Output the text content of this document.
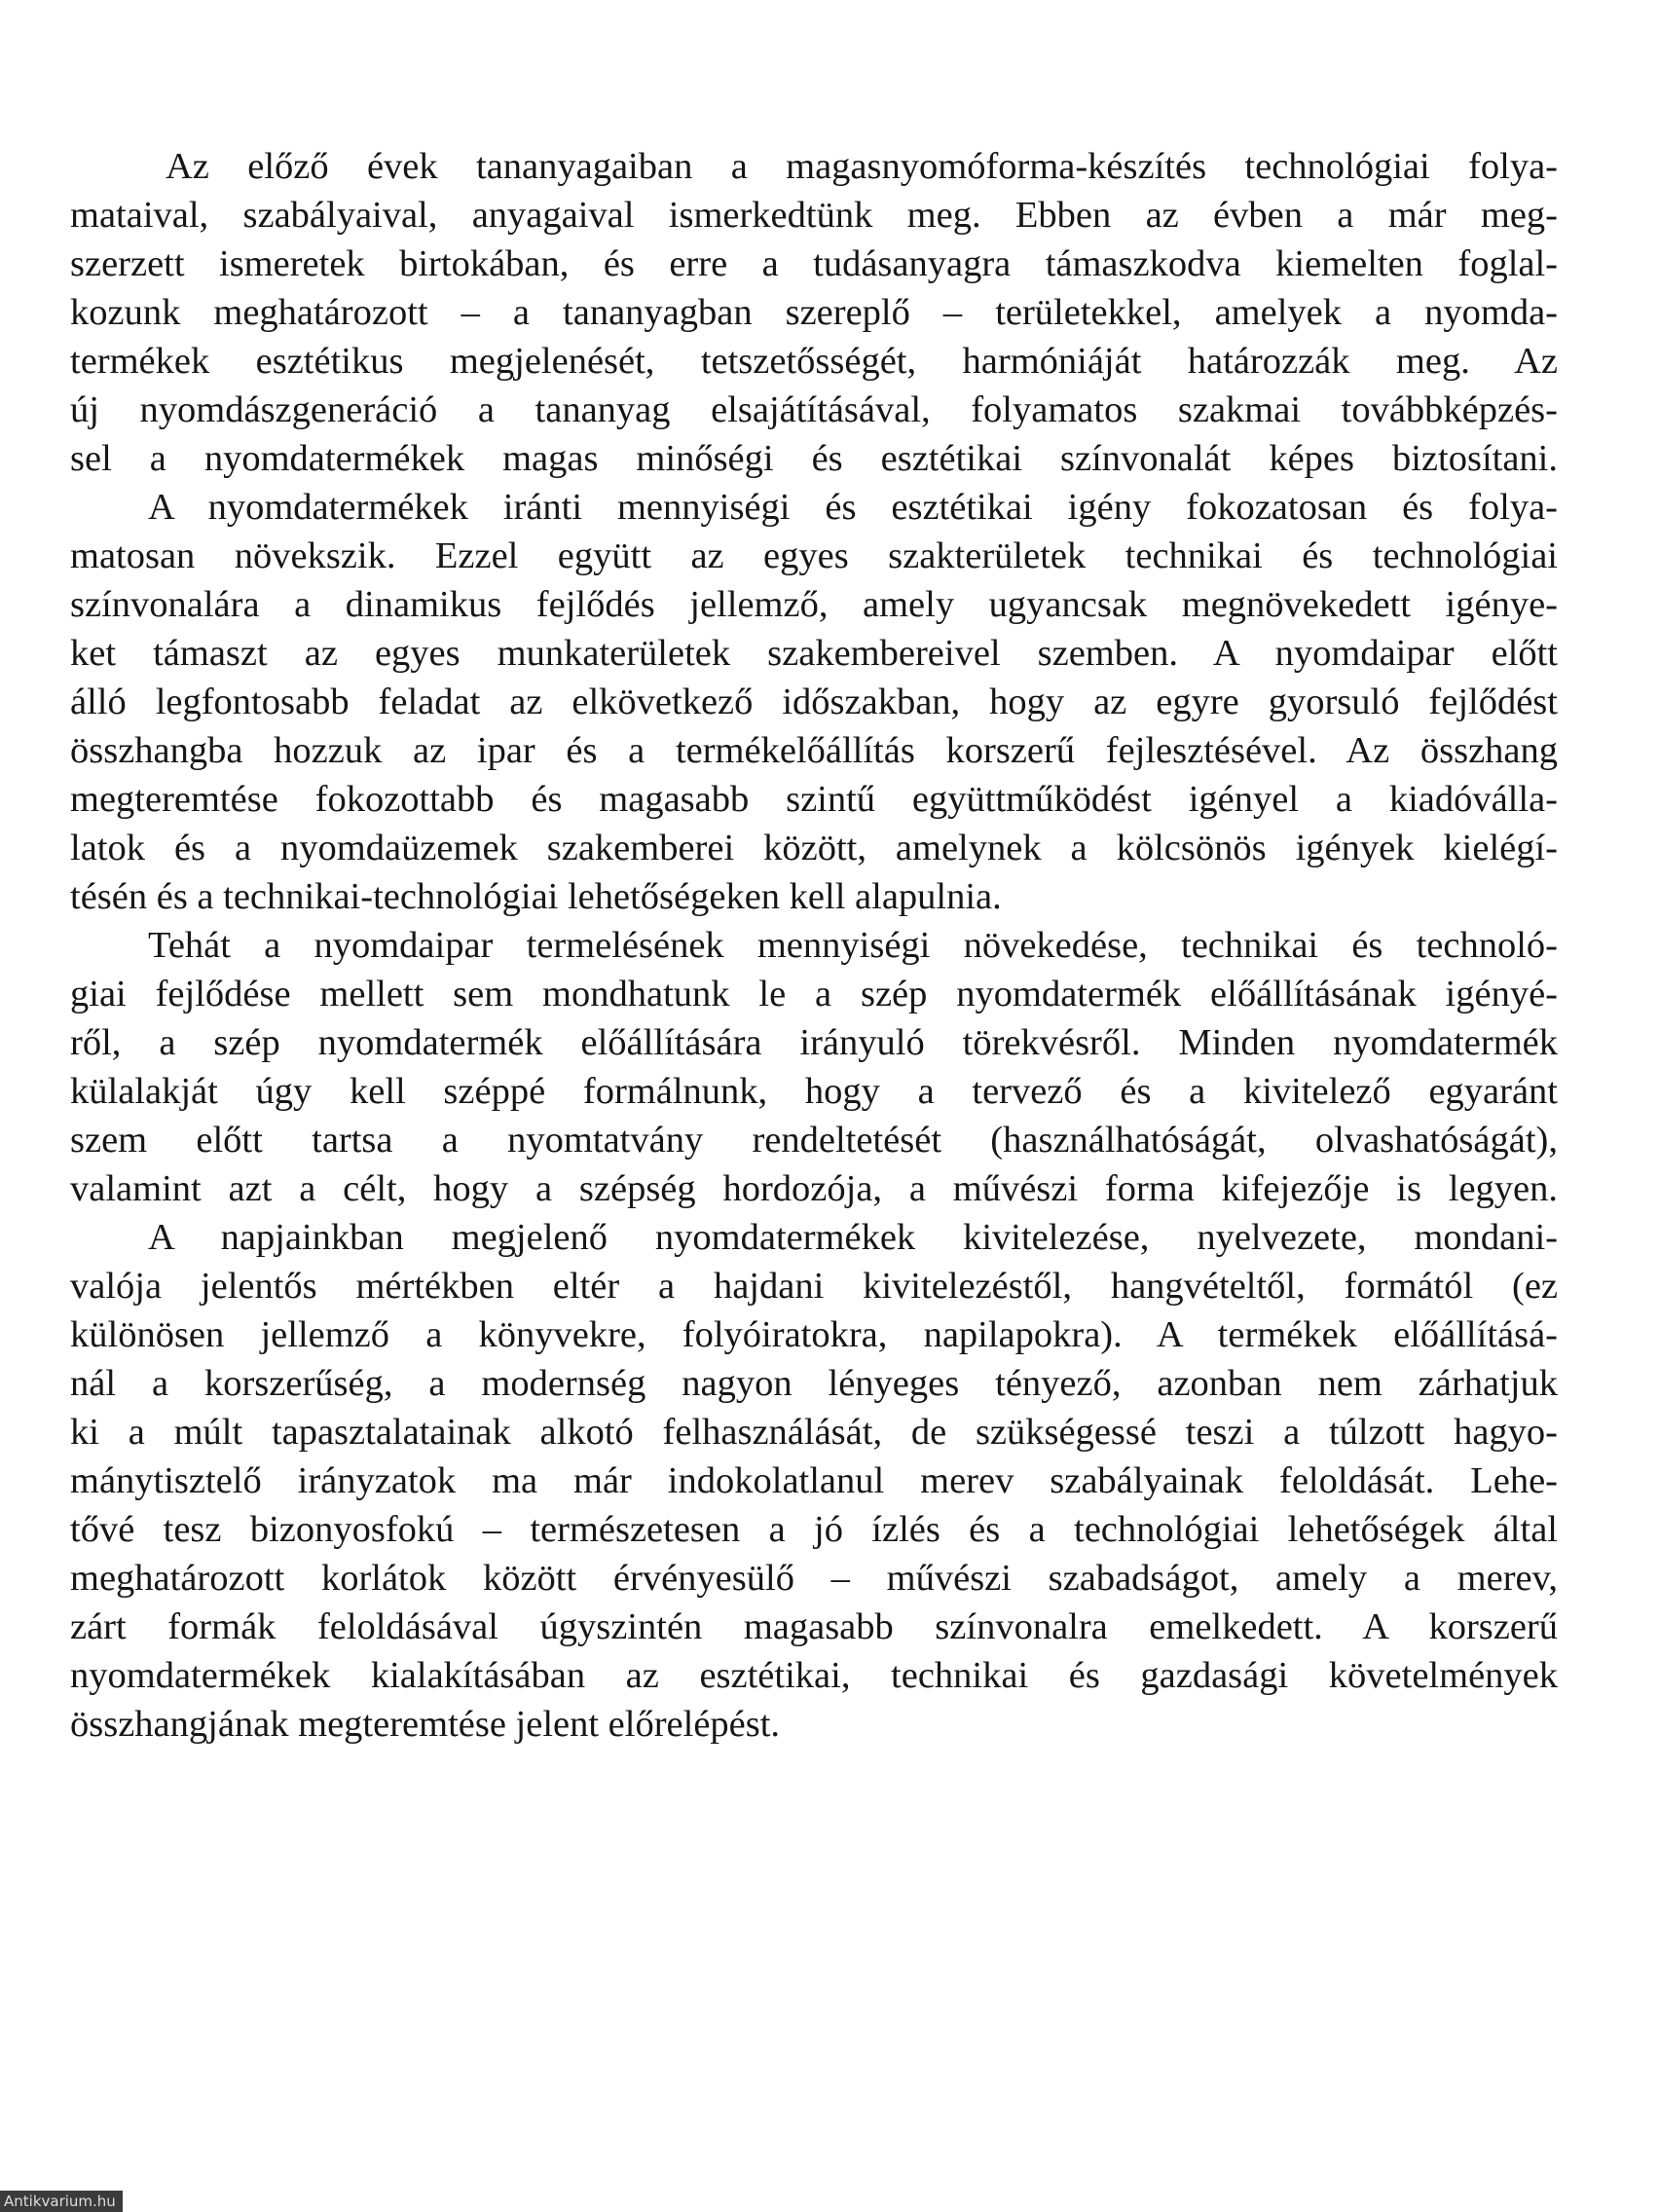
Az előző évek tananyagaiban a magasnyomóforma-készítés technológiai folya-
mataival, szabályaival, anyagaival ismerkedtünk meg. Ebben az évben a már meg-
szerzett ismeretek birtokában, és erre a tudásanyagra támaszkodva kiemelten foglal-
kozunk meghatározott – a tananyagban szereplő – területekkel, amelyek a nyomda-
termékek esztétikus megjelenését, tetszetősségét, harmóniáját határozzák meg. Az
új nyomdászgeneráció a tananyag elsajátításával, folyamatos szakmai továbbképzés-
sel a nyomdatermékek magas minőségi és esztétikai színvonalát képes biztosítani.
A nyomdatermékek iránti mennyiségi és esztétikai igény fokozatosan és folya-
matosan növekszik. Ezzel együtt az egyes szakterületek technikai és technológiai
színvonalára a dinamikus fejlődés jellemző, amely ugyancsak megnövekedett igénye-
ket támaszt az egyes munkaterületek szakembereivel szemben. A nyomdaipar előtt
álló legfontosabb feladat az elkövetkező időszakban, hogy az egyre gyorsuló fejlődést
összhangba hozzuk az ipar és a termékelőállítás korszerű fejlesztésével. Az összhang
megteremtése fokozottabb és magasabb szintű együttműködést igényel a kiadóválla-
latok és a nyomdaüzemek szakemberei között, amelynek a kölcsönös igények kielégí-
tésén és a technikai-technológiai lehetőségeken kell alapulnia.
Tehát a nyomdaipar termelésének mennyiségi növekedése, technikai és technoló-
giai fejlődése mellett sem mondhatunk le a szép nyomdatermék előállításának igényé-
ről, a szép nyomdatermék előállítására irányuló törekvésről. Minden nyomdatermék
külalakját úgy kell széppé formálnunk, hogy a tervező és a kivitelező egyaránt
szem előtt tartsa a nyomtatvány rendeltetését (használhatóságát, olvashatóságát),
valamint azt a célt, hogy a szépség hordozója, a művészi forma kifejezője is legyen.
A napjainkban megjelenő nyomdatermékek kivitelezése, nyelvezete, mondani-
valója jelentős mértékben eltér a hajdani kivitelezéstől, hangvételtől, formától (ez
különösen jellemző a könyvekre, folyóiratokra, napilapokra). A termékek előállításá-
nál a korszerűség, a modernség nagyon lényeges tényező, azonban nem zárhatjuk
ki a múlt tapasztalatainak alkotó felhasználását, de szükségessé teszi a túlzott hagyo-
mánytisztelő irányzatok ma már indokolatlanul merev szabályainak feloldását. Lehe-
tővé tesz bizonyosfokú – természetesen a jó ízlés és a technológiai lehetőségek által
meghatározott korlátok között érvényesülő – művészi szabadságot, amely a merev,
zárt formák feloldásával úgyszintén magasabb színvonalra emelkedett. A korszerű
nyomdatermékek kialakításában az esztétikai, technikai és gazdasági követelmények
összhangjának megteremtése jelent előrelépést.
Antikvarium.hu
